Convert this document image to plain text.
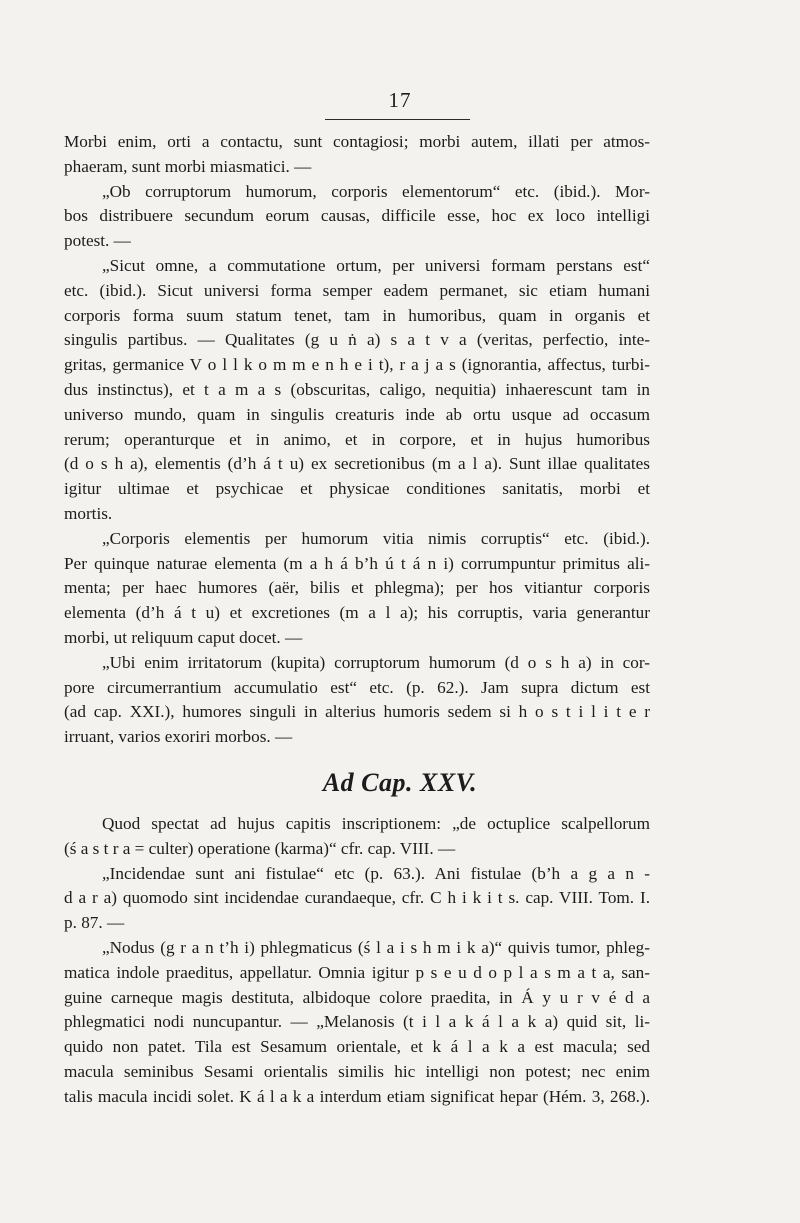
17
Morbi enim, orti a contactu, sunt contagiosi; morbi autem, illati per atmos-
phaeram, sunt morbi miasmatici. —
„Ob corruptorum humorum, corporis elementorum“ etc. (ibid.). Mor-
bos distribuere secundum eorum causas, difficile esse, hoc ex loco intelligi
potest. —
„Sicut omne, a commutatione ortum, per universi formam perstans est“
etc. (ibid.). Sicut universi forma semper eadem permanet, sic etiam humani
corporis forma suum statum tenet, tam in humoribus, quam in organis et
singulis partibus. — Qualitates (g u ṅ a) s a t v a (veritas, perfectio, inte-
gritas, germanice V o l l k o m m e n h e i t), r a j a s (ignorantia, affectus, turbi-
dus instinctus), et t a m a s (obscuritas, caligo, nequitia) inhaerescunt tam in
universo mundo, quam in singulis creaturis inde ab ortu usque ad occasum
rerum; operanturque et in animo, et in corpore, et in hujus humoribus
(d o s h a), elementis (d’h á t u) ex secretionibus (m a l a). Sunt illae qualitates
igitur ultimae et psychicae et physicae conditiones sanitatis, morbi et
mortis.
„Corporis elementis per humorum vitia nimis corruptis“ etc. (ibid.).
Per quinque naturae elementa (m a h á b’h ú t á n i) corrumpuntur primitus ali-
menta; per haec humores (aër, bilis et phlegma); per hos vitiantur corporis
elementa (d’h á t u) et excretiones (m a l a); his corruptis, varia generantur
morbi, ut reliquum caput docet. —
„Ubi enim irritatorum (kupita) corruptorum humorum (d o s h a) in cor-
pore circumerrantium accumulatio est“ etc. (p. 62.). Jam supra dictum est
(ad cap. XXI.), humores singuli in alterius humoris sedem si h o s t i l i t e r
irruant, varios exoriri morbos. —
Ad Cap. XXV.
Quod spectat ad hujus capitis inscriptionem: „de octuplice scalpellorum
(ś a s t r a = culter) operatione (karma)“ cfr. cap. VIII. —
„Incidendae sunt ani fistulae“ etc (p. 63.). Ani fistulae (b’h a g a n -
d a r a) quomodo sint incidendae curandaeque, cfr. C h i k i t s. cap. VIII. Tom. I.
p. 87. —
„Nodus (g r a n t’h i) phlegmaticus (ś l a i s h m i k a)“ quivis tumor, phleg-
matica indole praeditus, appellatur. Omnia igitur p s e u d o p l a s m a t a, san-
guine carneque magis destituta, albidoque colore praedita, in Á y u r v é d a
phlegmatici nodi nuncupantur. — „Melanosis (t i l a k á l a k a) quid sit, li-
quido non patet. Tila est Sesamum orientale, et k á l a k a est macula; sed
macula seminibus Sesami orientalis similis hic intelligi non potest; nec enim
talis macula incidi solet. K á l a k a interdum etiam significat hepar (Hém. 3, 268.).
